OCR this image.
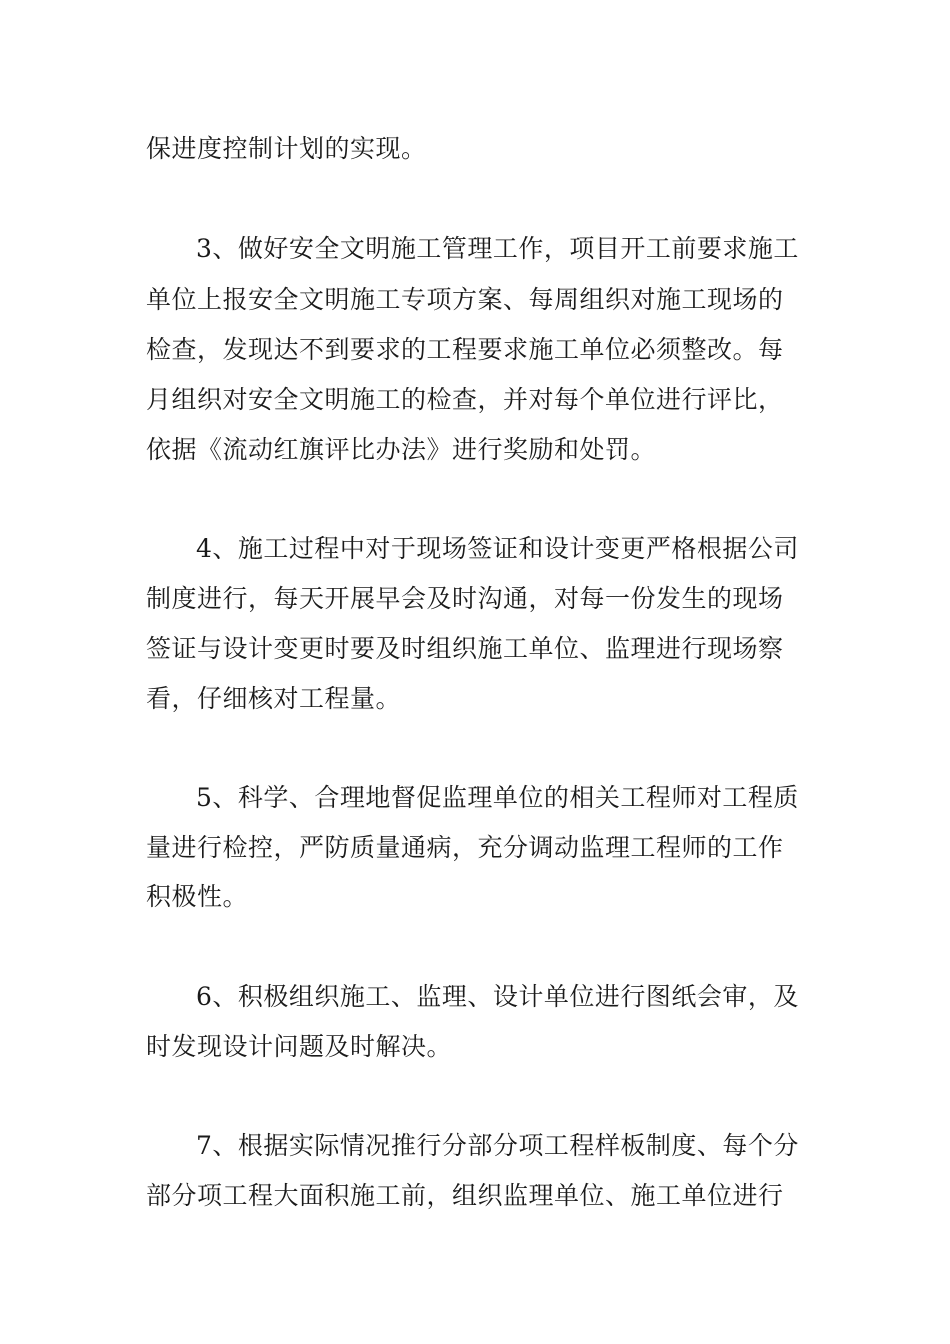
保进度控制计划的实现。
3、做好安全文明施工管理工作，项目开工前要求施工
单位上报安全文明施工专项方案、每周组织对施工现场的
检查，发现达不到要求的工程要求施工单位必须整改。每
月组织对安全文明施工的检查，并对每个单位进行评比，
依据《流动红旗评比办法》进行奖励和处罚。
4、施工过程中对于现场签证和设计变更严格根据公司
制度进行，每天开展早会及时沟通，对每一份发生的现场
签证与设计变更时要及时组织施工单位、监理进行现场察
看，仔细核对工程量。
5、科学、合理地督促监理单位的相关工程师对工程质
量进行检控，严防质量通病，充分调动监理工程师的工作
积极性。
6、积极组织施工、监理、设计单位进行图纸会审，及
时发现设计问题及时解决。
7、根据实际情况推行分部分项工程样板制度、每个分
部分项工程大面积施工前，组织监理单位、施工单位进行
